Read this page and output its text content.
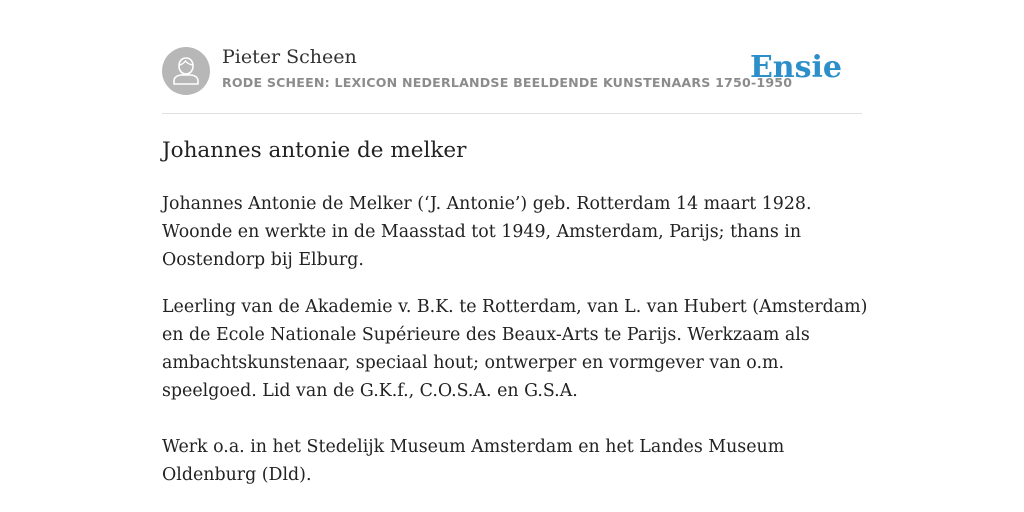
Pieter Scheen
RODE SCHEEN: LEXICON NEDERLANDSE BEELDENDE KUNSTENAARS 1750-1950
Ensie
Johannes antonie de melker

Johannes Antonie de Melker (‘J. Antonie’) geb. Rotterdam 14 maart 1928. Woonde en werkte in de Maasstad tot 1949, Amsterdam, Parijs; thans in Oostendorp bij Elburg.

Leerling van de Akademie v. B.K. te Rotterdam, van L. van Hubert (Amsterdam) en de Ecole Nationale Supérieure des Beaux-Arts te Parijs. Werkzaam als ambachtskunstenaar, speciaal hout; ontwerper en vormgever van o.m. speelgoed. Lid van de G.K.f., C.O.S.A. en G.S.A.

Werk o.a. in het Stedelijk Museum Amsterdam en het Landes Museum Oldenburg (Dld).
